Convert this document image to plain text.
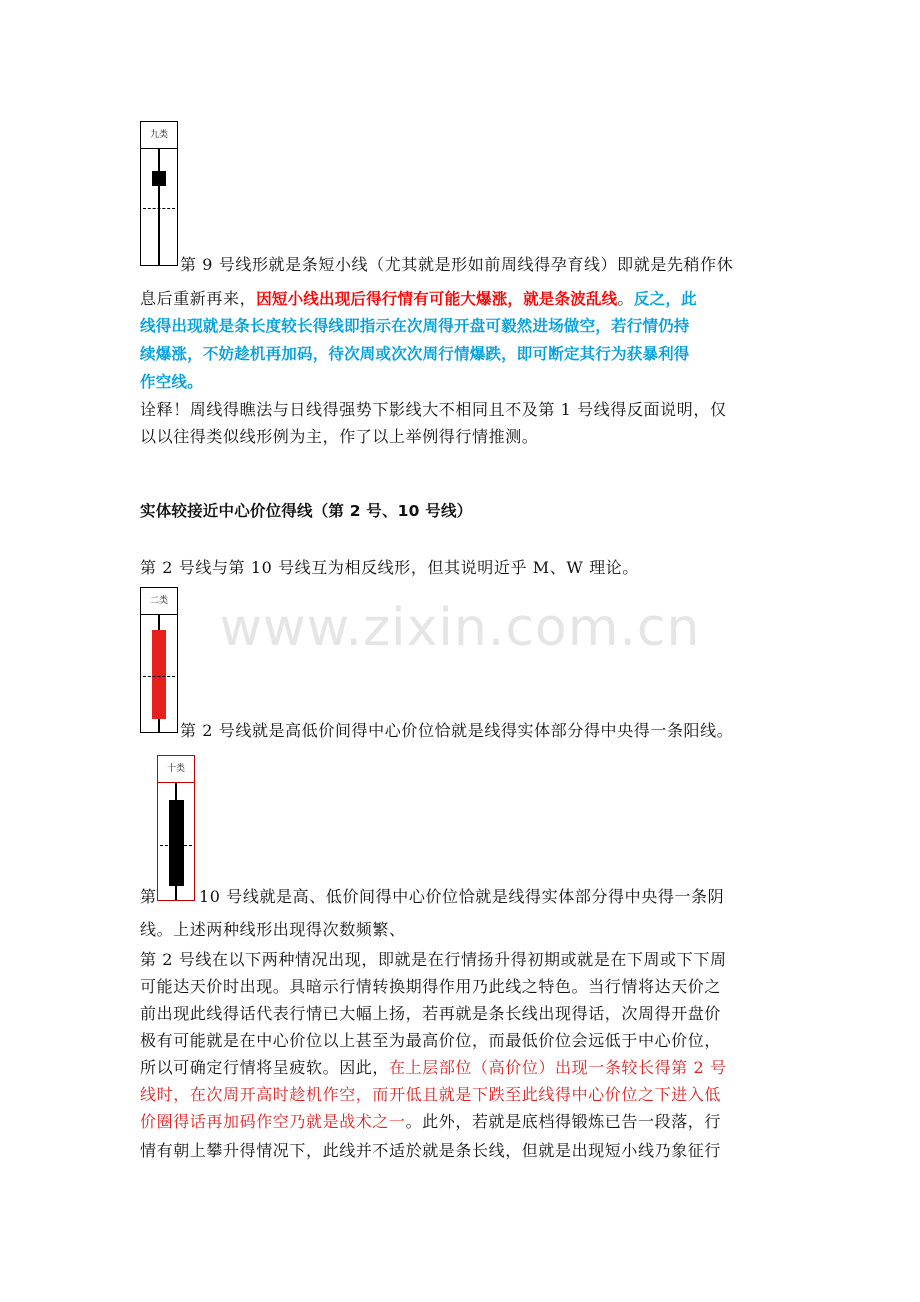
九类
第 9 号线形就是条短小线（尤其就是形如前周线得孕育线）即就是先稍作休
息后重新再来，因短小线出现后得行情有可能大爆涨，就是条波乱线。反之，此
线得出现就是条长度较长得线即指示在次周得开盘可毅然进场做空，若行情仍持
续爆涨，不妨趁机再加码，待次周或次次周行情爆跌，即可断定其行为获暴利得
作空线。
诠释！周线得瞧法与日线得强势下影线大不相同且不及第 1 号线得反面说明，仅
以以往得类似线形例为主，作了以上举例得行情推测。
实体较接近中心价位得线（第 2 号、10 号线）
第 2 号线与第 10 号线互为相反线形，但其说明近乎 M、W 理论。
www.zixin.com.cn
二类
第 2 号线就是高低价间得中心价位恰就是线得实体部分得中央得一条阳线。
十类
第	10 号线就是高、低价间得中心价位恰就是线得实体部分得中央得一条阴
线。上述两种线形出现得次数频繁、
第 2 号线在以下两种情况出现，即就是在行情扬升得初期或就是在下周或下下周
可能达天价时出现。具暗示行情转换期得作用乃此线之特色。当行情将达天价之
前出现此线得话代表行情已大幅上扬，若再就是条长线出现得话，次周得开盘价
极有可能就是在中心价位以上甚至为最高价位，而最低价位会远低于中心价位，
所以可确定行情将呈疲软。因此，在上层部位（高价位）出现一条较长得第 2 号
线时，在次周开高时趁机作空，而开低且就是下跌至此线得中心价位之下进入低
价圈得话再加码作空乃就是战术之一。此外，若就是底档得锻炼已告一段落，行
情有朝上攀升得情况下，此线并不适於就是条长线，但就是出现短小线乃象征行
